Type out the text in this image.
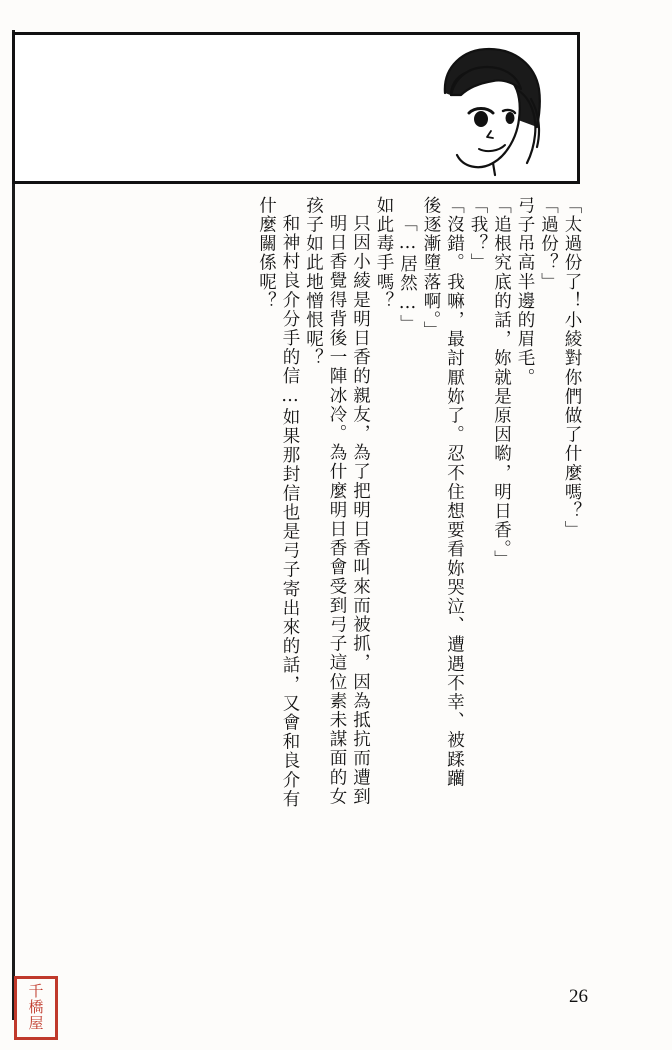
「太過份了！小綾對你們做了什麼嗎？」
「過份？」
弓子吊高半邊的眉毛。
「追根究底的話，妳就是原因喲，明日香。」
「我？」
「沒錯。我嘛，最討厭妳了。忍不住想要看妳哭泣、遭遇不幸、被蹂躪
後逐漸墮落啊。」
「…居然…」
如此毒手嗎？
只因小綾是明日香的親友，為了把明日香叫來而被抓，因為抵抗而遭到
明日香覺得背後一陣冰冷。為什麼明日香會受到弓子這位素未謀面的女
孩子如此地憎恨呢？
和神村良介分手的信…如果那封信也是弓子寄出來的話，又會和良介有
什麼關係呢？
26
千
橋
屋
